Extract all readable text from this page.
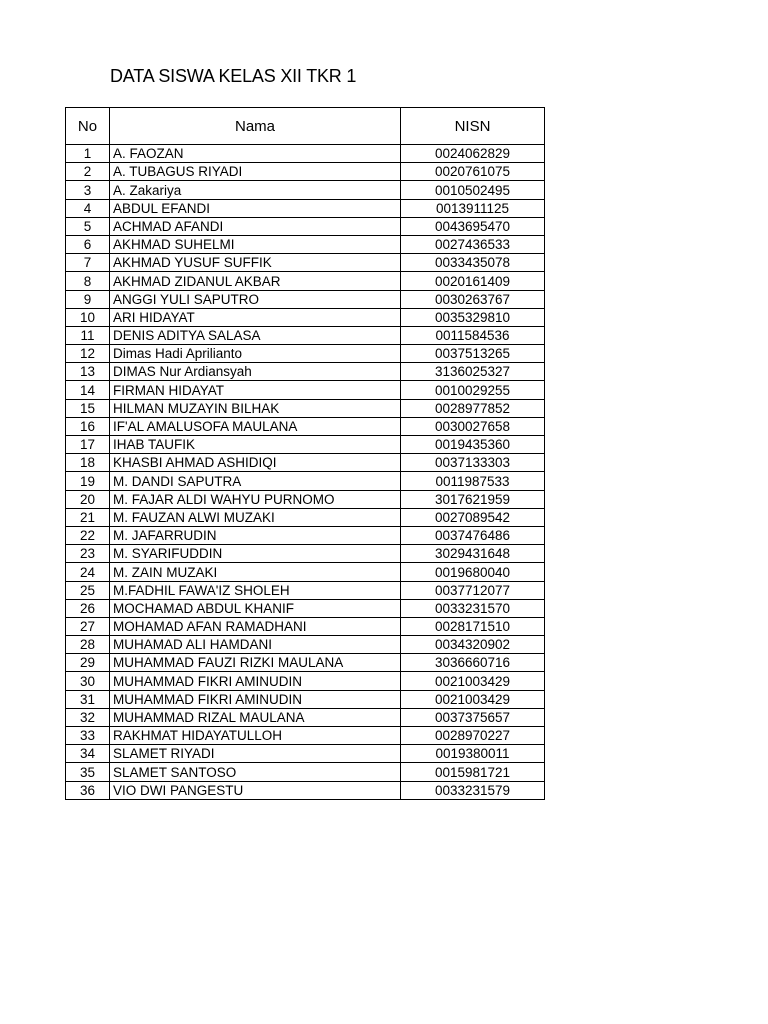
DATA SISWA KELAS XII TKR 1
No	Nama	NISN
1	A. FAOZAN	0024062829
2	A. TUBAGUS RIYADI	0020761075
3	A. Zakariya	0010502495
4	ABDUL EFANDI	0013911125
5	ACHMAD AFANDI	0043695470
6	AKHMAD SUHELMI	0027436533
7	AKHMAD YUSUF SUFFIK	0033435078
8	AKHMAD ZIDANUL AKBAR	0020161409
9	ANGGI YULI SAPUTRO	0030263767
10	ARI HIDAYAT	0035329810
11	DENIS ADITYA SALASA	0011584536
12	Dimas Hadi Aprilianto	0037513265
13	DIMAS Nur Ardiansyah	3136025327
14	FIRMAN HIDAYAT	0010029255
15	HILMAN MUZAYIN BILHAK	0028977852
16	IF'AL AMALUSOFA MAULANA	0030027658
17	IHAB TAUFIK	0019435360
18	KHASBI AHMAD ASHIDIQI	0037133303
19	M. DANDI SAPUTRA	0011987533
20	M. FAJAR ALDI WAHYU PURNOMO	3017621959
21	M. FAUZAN ALWI MUZAKI	0027089542
22	M. JAFARRUDIN	0037476486
23	M. SYARIFUDDIN	3029431648
24	M. ZAIN MUZAKI	0019680040
25	M.FADHIL FAWA'IZ SHOLEH	0037712077
26	MOCHAMAD ABDUL KHANIF	0033231570
27	MOHAMAD AFAN RAMADHANI	0028171510
28	MUHAMAD ALI HAMDANI	0034320902
29	MUHAMMAD FAUZI RIZKI MAULANA	3036660716
30	MUHAMMAD FIKRI AMINUDIN	0021003429
31	MUHAMMAD FIKRI AMINUDIN	0021003429
32	MUHAMMAD RIZAL MAULANA	0037375657
33	RAKHMAT HIDAYATULLOH	0028970227
34	SLAMET RIYADI	0019380011
35	SLAMET SANTOSO	0015981721
36	VIO DWI PANGESTU	0033231579
